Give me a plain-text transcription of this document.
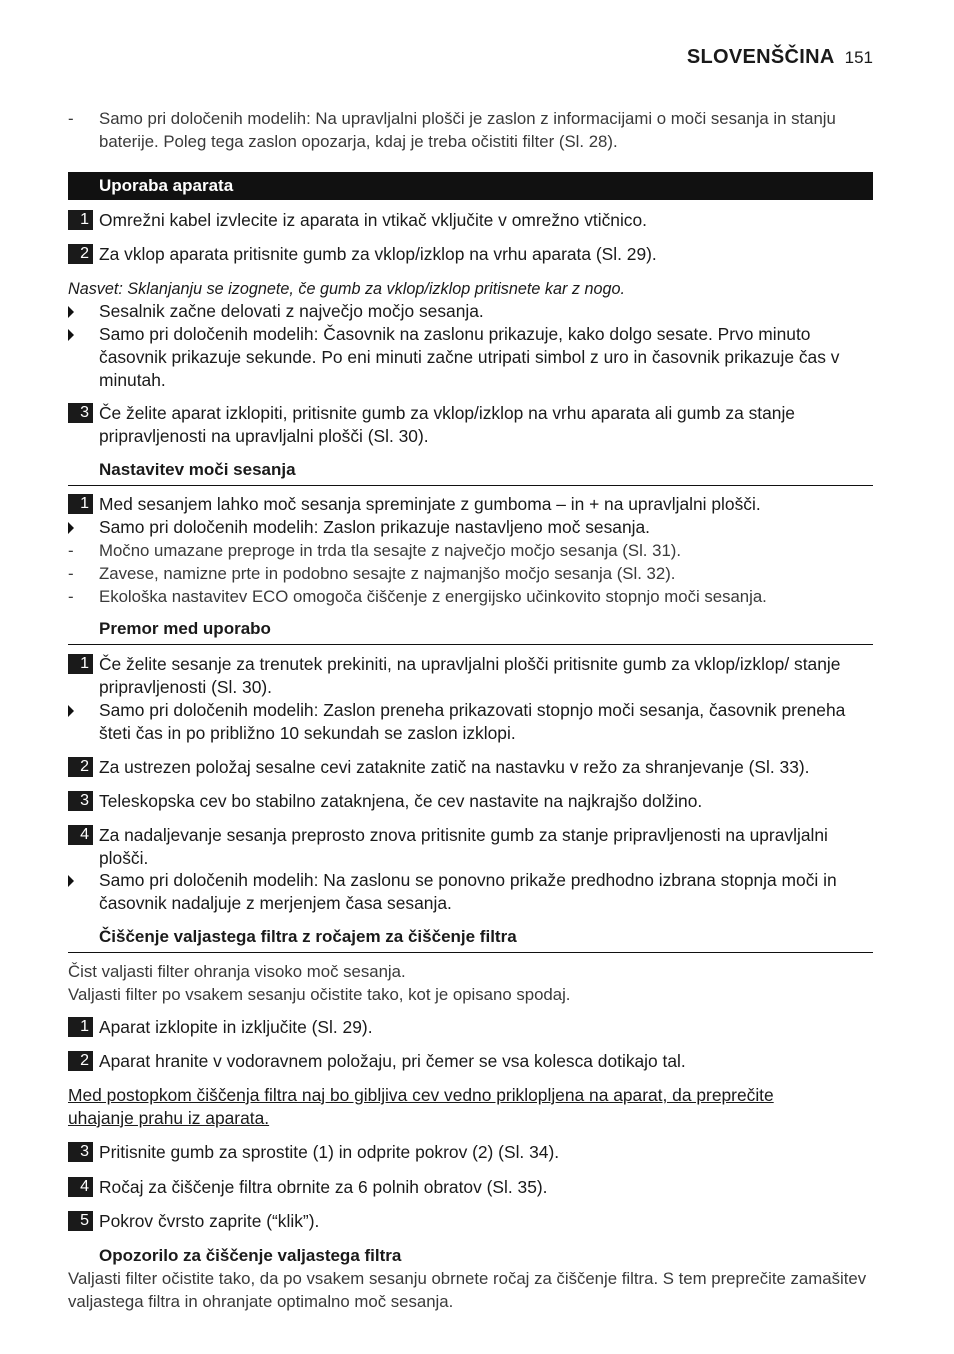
SLOVENŠČINA 151
-	Samo pri določenih modelih: Na upravljalni plošči je zaslon z informacijami o moči sesanja in stanju baterije. Poleg tega zaslon opozarja, kdaj je treba očistiti filter (Sl. 28).
Uporaba aparata
1 Omrežni kabel izvlecite iz aparata in vtikač vključite v omrežno vtičnico.
2 Za vklop aparata pritisnite gumb za vklop/izklop na vrhu aparata (Sl. 29).
Nasvet: Sklanjanju se izognete, če gumb za vklop/izklop pritisnete kar z nogo.
Sesalnik začne delovati z največjo močjo sesanja.
Samo pri določenih modelih: Časovnik na zaslonu prikazuje, kako dolgo sesate. Prvo minuto časovnik prikazuje sekunde. Po eni minuti začne utripati simbol z uro in časovnik prikazuje čas v minutah.
3 Če želite aparat izklopiti, pritisnite gumb za vklop/izklop na vrhu aparata ali gumb za stanje pripravljenosti na upravljalni plošči (Sl. 30).
Nastavitev moči sesanja
1 Med sesanjem lahko moč sesanja spreminjate z gumboma – in + na upravljalni plošči.
Samo pri določenih modelih: Zaslon prikazuje nastavljeno moč sesanja.
-	Močno umazane preproge in trda tla sesajte z največjo močjo sesanja (Sl. 31).
-	Zavese, namizne prte in podobno sesajte z najmanjšo močjo sesanja (Sl. 32).
-	Ekološka nastavitev ECO omogoča čiščenje z energijsko učinkovito stopnjo moči sesanja.
Premor med uporabo
1 Če želite sesanje za trenutek prekiniti, na upravljalni plošči pritisnite gumb za vklop/izklop/ stanje pripravljenosti (Sl. 30).
Samo pri določenih modelih: Zaslon preneha prikazovati stopnjo moči sesanja, časovnik preneha šteti čas in po približno 10 sekundah se zaslon izklopi.
2 Za ustrezen položaj sesalne cevi zataknite zatič na nastavku v režo za shranjevanje (Sl. 33).
3 Teleskopska cev bo stabilno zataknjena, če cev nastavite na najkrajšo dolžino.
4 Za nadaljevanje sesanja preprosto znova pritisnite gumb za stanje pripravljenosti na upravljalni plošči.
Samo pri določenih modelih: Na zaslonu se ponovno prikaže predhodno izbrana stopnja moči in časovnik nadaljuje z merjenjem časa sesanja.
Čiščenje valjastega filtra z ročajem za čiščenje filtra
Čist valjasti filter ohranja visoko moč sesanja.
Valjasti filter po vsakem sesanju očistite tako, kot je opisano spodaj.
1 Aparat izklopite in izključite (Sl. 29).
2 Aparat hranite v vodoravnem položaju, pri čemer se vsa kolesca dotikajo tal.
Med postopkom čiščenja filtra naj bo gibljiva cev vedno priklopljena na aparat, da preprečite uhajanje prahu iz aparata.
3 Pritisnite gumb za sprostite (1) in odprite pokrov (2) (Sl. 34).
4 Ročaj za čiščenje filtra obrnite za 6 polnih obratov (Sl. 35).
5 Pokrov čvrsto zaprite (“klik”).
Opozorilo za čiščenje valjastega filtra
Valjasti filter očistite tako, da po vsakem sesanju obrnete ročaj za čiščenje filtra. S tem preprečite zamašitev valjastega filtra in ohranjate optimalno moč sesanja.
